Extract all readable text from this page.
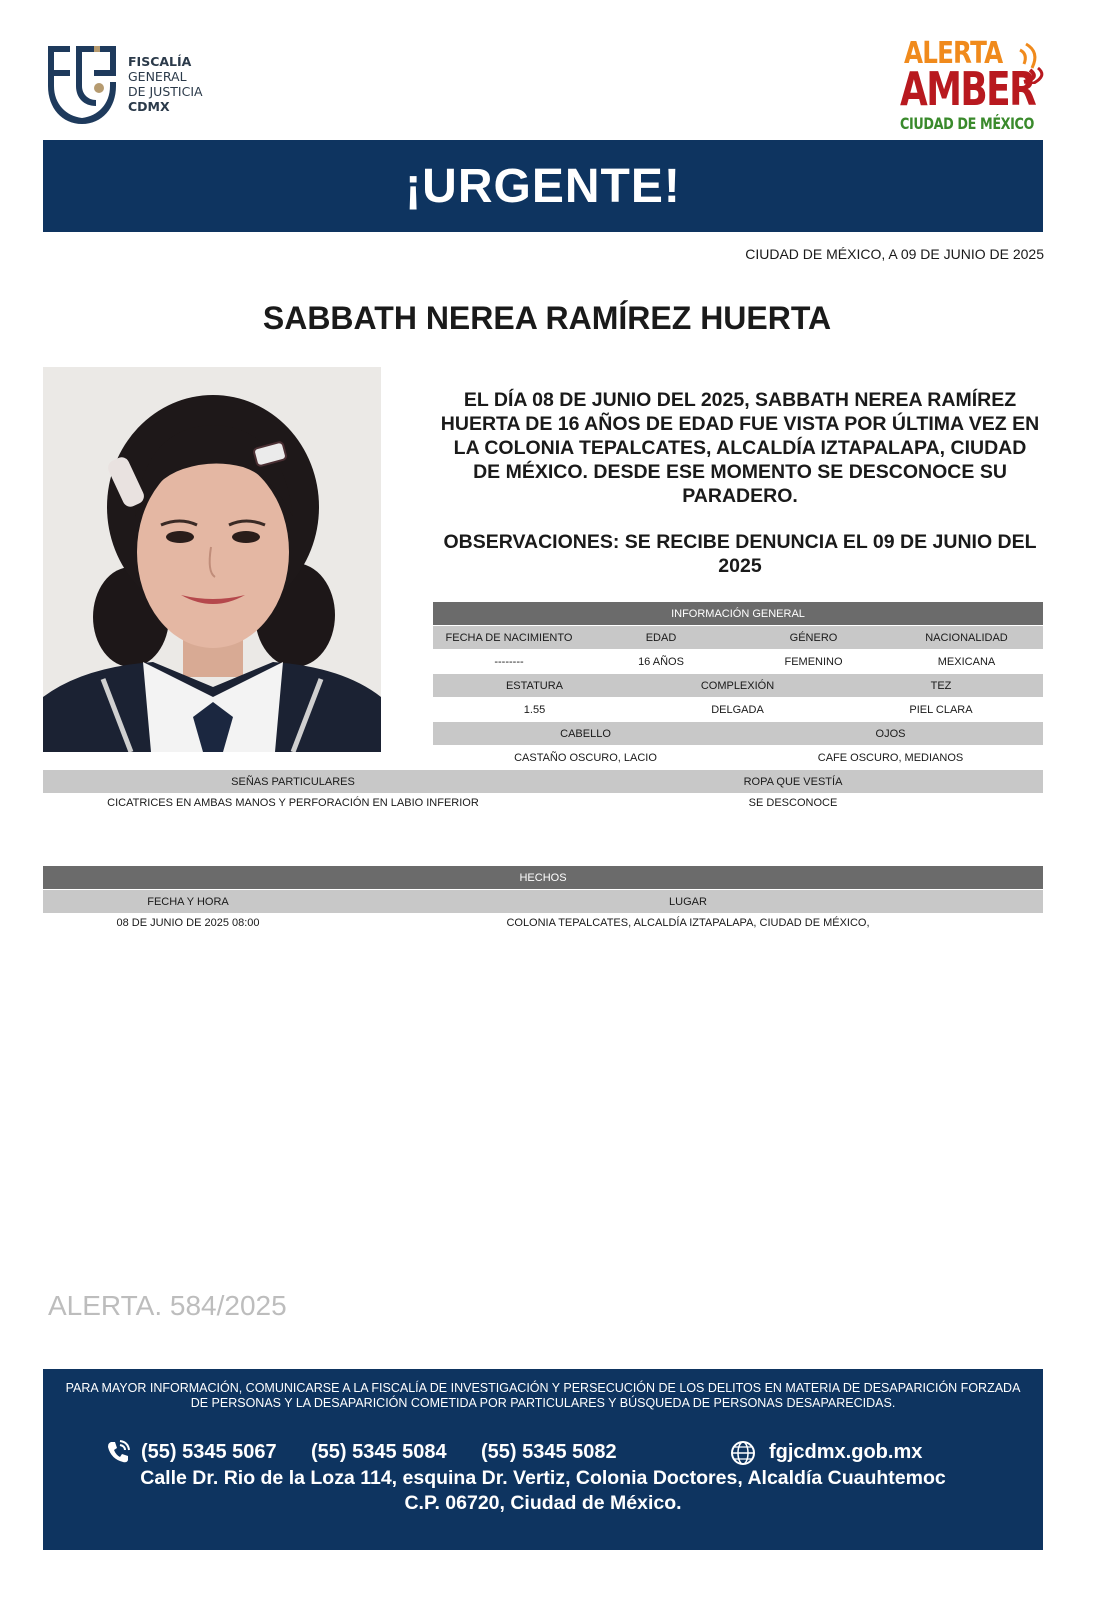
FISCALÍA
GENERAL
DE JUSTICIA
CDMX
ALERTA
AMBER
CIUDAD DE MÉXICO
¡URGENTE!
CIUDAD DE MÉXICO, A 09 DE JUNIO DE 2025
SABBATH NEREA RAMÍREZ HUERTA
EL DÍA 08 DE JUNIO DEL 2025, SABBATH NEREA RAMÍREZ HUERTA DE 16 AÑOS DE EDAD FUE VISTA POR ÚLTIMA VEZ EN LA COLONIA TEPALCATES, ALCALDÍA IZTAPALAPA, CIUDAD DE MÉXICO. DESDE ESE MOMENTO SE DESCONOCE SU PARADERO.
OBSERVACIONES: SE RECIBE DENUNCIA EL 09 DE JUNIO DEL 2025
INFORMACIÓN GENERAL
FECHA DE NACIMIENTO	EDAD	GÉNERO	NACIONALIDAD
--------	16 AÑOS	FEMENINO	MEXICANA
ESTATURA	COMPLEXIÓN	TEZ
1.55	DELGADA	PIEL CLARA
CABELLO	OJOS
CASTAÑO OSCURO, LACIO	CAFE OSCURO, MEDIANOS
SEÑAS PARTICULARES	ROPA QUE VESTÍA
CICATRICES EN AMBAS MANOS Y PERFORACIÓN EN LABIO INFERIOR	SE DESCONOCE
HECHOS
FECHA Y HORA	LUGAR
08 DE JUNIO DE 2025 08:00	COLONIA TEPALCATES, ALCALDÍA IZTAPALAPA, CIUDAD DE MÉXICO,
ALERTA. 584/2025
PARA MAYOR INFORMACIÓN, COMUNICARSE A LA FISCALÍA DE INVESTIGACIÓN Y PERSECUCIÓN DE LOS DELITOS EN MATERIA DE DESAPARICIÓN FORZADA DE PERSONAS Y LA DESAPARICIÓN COMETIDA POR PARTICULARES Y BÚSQUEDA DE PERSONAS DESAPARECIDAS.
(55) 5345 5067 (55) 5345 5084 (55) 5345 5082	fgjcdmx.gob.mx
Calle Dr. Rio de la Loza 114, esquina Dr. Vertiz, Colonia Doctores, Alcaldía Cuauhtemoc
C.P. 06720, Ciudad de México.
